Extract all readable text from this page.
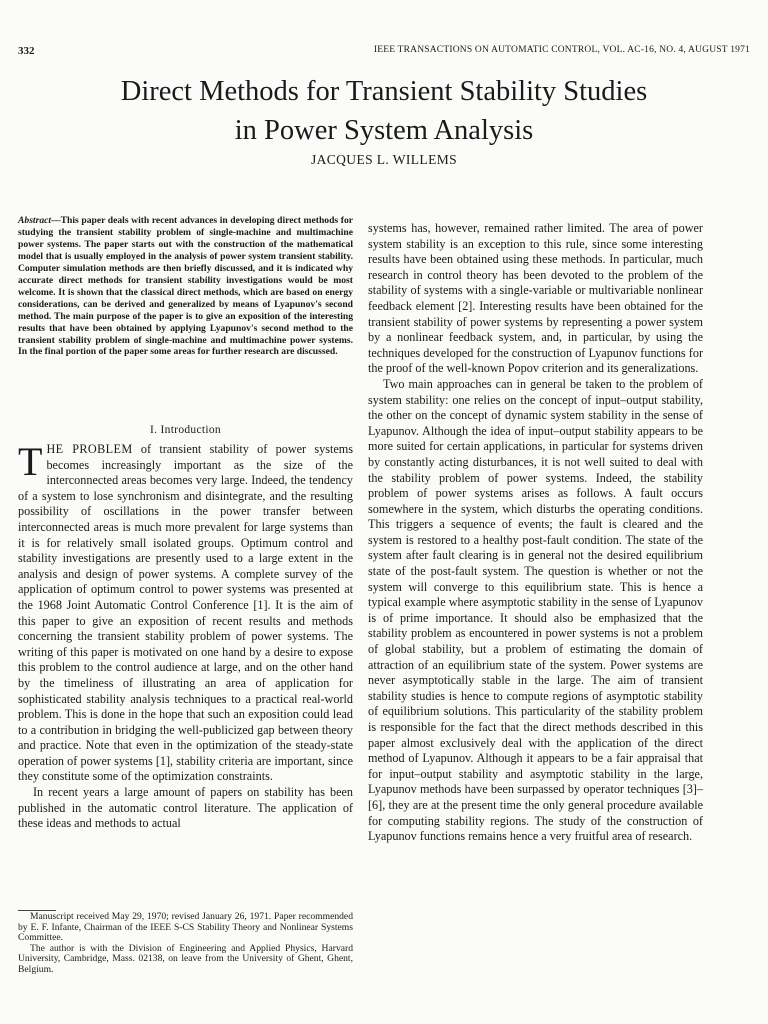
332	IEEE TRANSACTIONS ON AUTOMATIC CONTROL, VOL. AC-16, NO. 4, AUGUST 1971
Direct Methods for Transient Stability Studies
in Power System Analysis
JACQUES L. WILLEMS
Abstract—This paper deals with recent advances in developing direct methods for studying the transient stability problem of single-machine and multimachine power systems. The paper starts out with the construction of the mathematical model that is usually employed in the analysis of power system transient stability. Computer simulation methods are then briefly discussed, and it is indicated why accurate direct methods for transient stability investigations would be most welcome. It is shown that the classical direct methods, which are based on energy considerations, can be derived and generalized by means of Lyapunov's second method. The main purpose of the paper is to give an exposition of the interesting results that have been obtained by applying Lyapunov's second method to the transient stability problem of single-machine and multimachine power systems. In the final portion of the paper some areas for further research are discussed.
I. Introduction

THE PROBLEM of transient stability of power systems becomes increasingly important as the size of the interconnected areas becomes very large. Indeed, the tendency of a system to lose synchronism and disintegrate, and the resulting possibility of oscillations in the power transfer between interconnected areas is much more prevalent for large systems than it is for relatively small isolated groups. Optimum control and stability investigations are presently used to a large extent in the analysis and design of power systems. A complete survey of the application of optimum control to power systems was presented at the 1968 Joint Automatic Control Conference [1]. It is the aim of this paper to give an exposition of recent results and methods concerning the transient stability problem of power systems. The writing of this paper is motivated on one hand by a desire to expose this problem to the control audience at large, and on the other hand by the timeliness of illustrating an area of application for sophisticated stability analysis techniques to a practical real-world problem. This is done in the hope that such an exposition could lead to a contribution in bridging the well-publicized gap between theory and practice. Note that even in the optimization of the steady-state operation of power systems [1], stability criteria are important, since they constitute some of the optimization constraints.

In recent years a large amount of papers on stability has been published in the automatic control literature. The application of these ideas and methods to actual

Manuscript received May 29, 1970; revised January 26, 1971. Paper recommended by E. F. Infante, Chairman of the IEEE S-CS Stability Theory and Nonlinear Systems Committee.

The author is with the Division of Engineering and Applied Physics, Harvard University, Cambridge, Mass. 02138, on leave from the University of Ghent, Ghent, Belgium.

systems has, however, remained rather limited. The area of power system stability is an exception to this rule, since some interesting results have been obtained using these methods. In particular, much research in control theory has been devoted to the problem of the stability of systems with a single-variable or multivariable nonlinear feedback element [2]. Interesting results have been obtained for the transient stability of power systems by representing a power system by a nonlinear feedback system, and, in particular, by using the techniques developed for the construction of Lyapunov functions for the proof of the well-known Popov criterion and its generalizations.

Two main approaches can in general be taken to the problem of system stability: one relies on the concept of input–output stability, the other on the concept of dynamic system stability in the sense of Lyapunov. Although the idea of input–output stability appears to be more suited for certain applications, in particular for systems driven by constantly acting disturbances, it is not well suited to deal with the stability problem of power systems. Indeed, the stability problem of power systems arises as follows. A fault occurs somewhere in the system, which disturbs the operating conditions. This triggers a sequence of events; the fault is cleared and the system is restored to a healthy post-fault condition. The state of the system after fault clearing is in general not the desired equilibrium state of the post-fault system. The question is whether or not the system will converge to this equilibrium state. This is hence a typical example where asymptotic stability in the sense of Lyapunov is of prime importance. It should also be emphasized that the stability problem as encountered in power systems is not a problem of global stability, but a problem of estimating the domain of attraction of an equilibrium state of the system. Power systems are never asymptotically stable in the large. The aim of transient stability studies is hence to compute regions of asymptotic stability of equilibrium solutions. This particularity of the stability problem is responsible for the fact that the direct methods described in this paper almost exclusively deal with the application of the direct method of Lyapunov. Although it appears to be a fair appraisal that for input–output stability and asymptotic stability in the large, Lyapunov methods have been surpassed by operator techniques [3]–[6], they are at the present time the only general procedure available for computing stability regions. The study of the construction of Lyapunov functions remains hence a very fruitful area of research.
